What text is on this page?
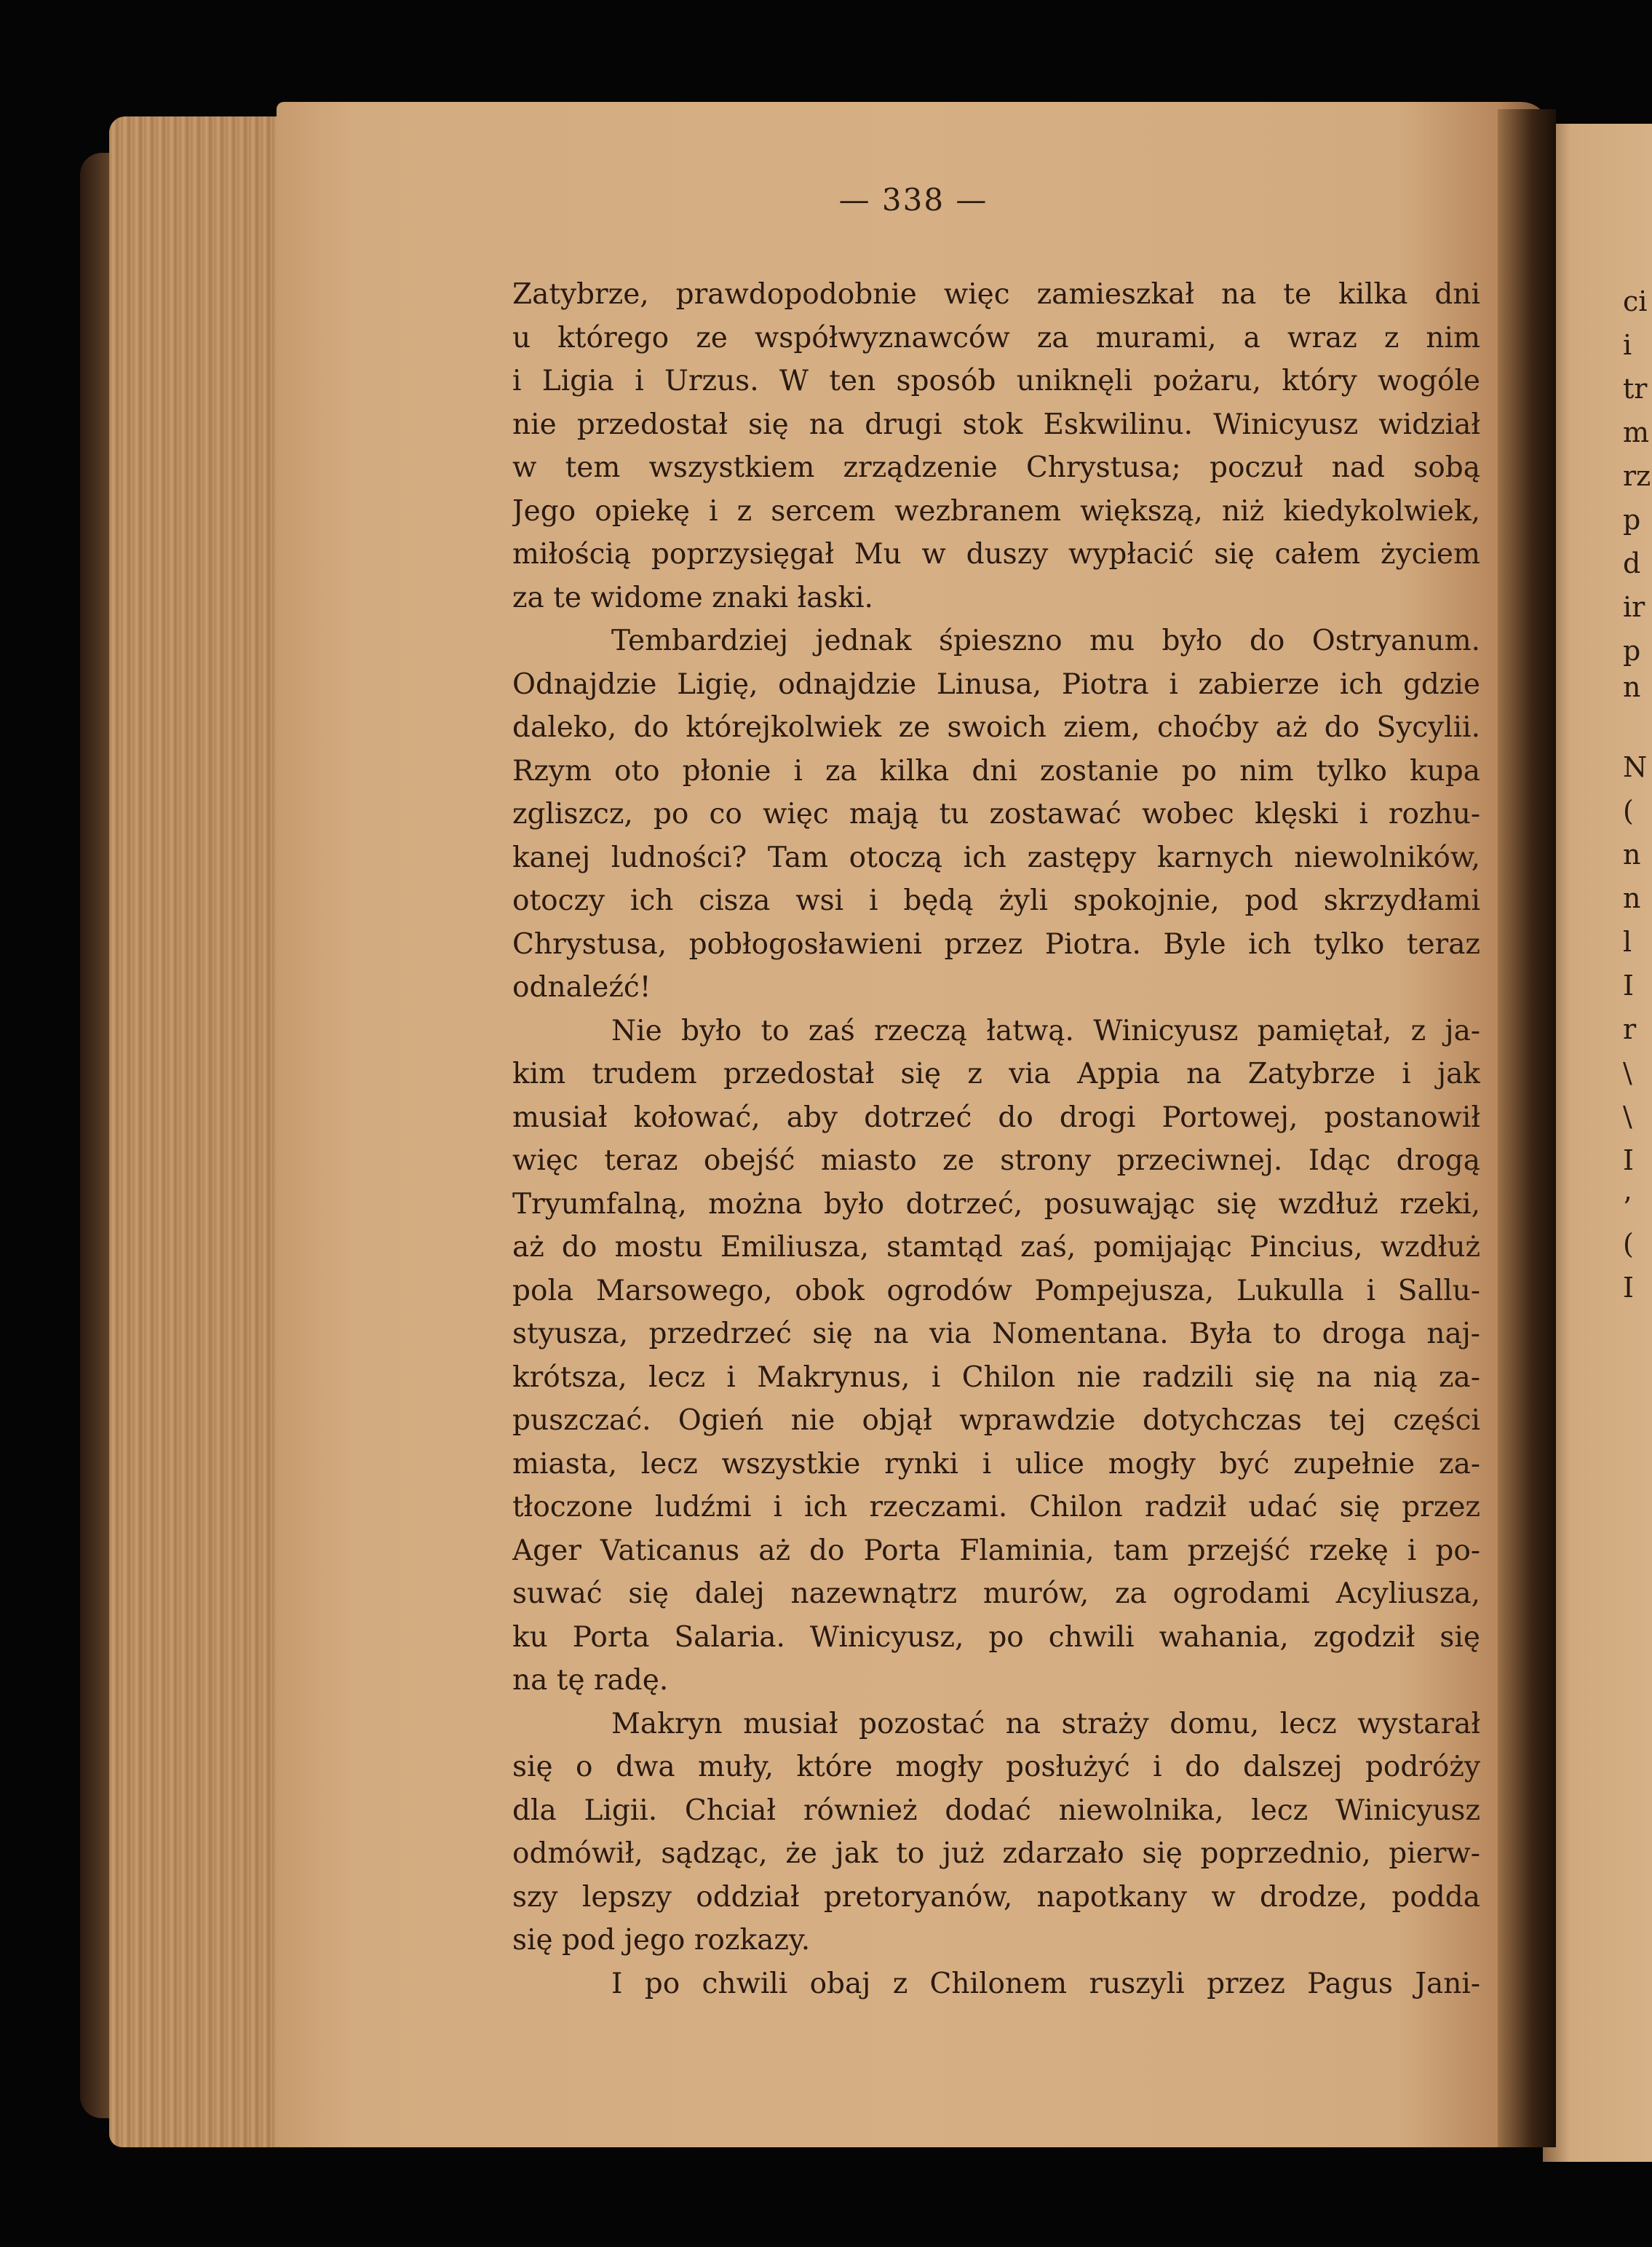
ci
i
tr
m
rz
p
d
ir
p
n
N
(
n
n
l
I
r
\
\
I
’
(
I
— 338 —
Zatybrze, prawdopodobnie więc zamieszkał na te kilka dni
u którego ze współwyznawców za murami, a wraz z nim
i Ligia i Urzus. W ten sposób uniknęli pożaru, który wogóle
nie przedostał się na drugi stok Eskwilinu. Winicyusz widział
w tem wszystkiem zrządzenie Chrystusa; poczuł nad sobą
Jego opiekę i z sercem wezbranem większą, niż kiedykolwiek,
miłością poprzysięgał Mu w duszy wypłacić się całem życiem
za te widome znaki łaski.
Tembardziej jednak śpieszno mu było do Ostryanum.
Odnajdzie Ligię, odnajdzie Linusa, Piotra i zabierze ich gdzie
daleko, do którejkolwiek ze swoich ziem, choćby aż do Sycylii.
Rzym oto płonie i za kilka dni zostanie po nim tylko kupa
zgliszcz, po co więc mają tu zostawać wobec klęski i rozhu-
kanej ludności? Tam otoczą ich zastępy karnych niewolników,
otoczy ich cisza wsi i będą żyli spokojnie, pod skrzydłami
Chrystusa, pobłogosławieni przez Piotra. Byle ich tylko teraz
odnaleźć!
Nie było to zaś rzeczą łatwą. Winicyusz pamiętał, z ja-
kim trudem przedostał się z via Appia na Zatybrze i jak
musiał kołować, aby dotrzeć do drogi Portowej, postanowił
więc teraz obejść miasto ze strony przeciwnej. Idąc drogą
Tryumfalną, można było dotrzeć, posuwając się wzdłuż rzeki,
aż do mostu Emiliusza, stamtąd zaś, pomijając Pincius, wzdłuż
pola Marsowego, obok ogrodów Pompejusza, Lukulla i Sallu-
styusza, przedrzeć się na via Nomentana. Była to droga naj-
krótsza, lecz i Makrynus, i Chilon nie radzili się na nią za-
puszczać. Ogień nie objął wprawdzie dotychczas tej części
miasta, lecz wszystkie rynki i ulice mogły być zupełnie za-
tłoczone ludźmi i ich rzeczami. Chilon radził udać się przez
Ager Vaticanus aż do Porta Flaminia, tam przejść rzekę i po-
suwać się dalej nazewnątrz murów, za ogrodami Acyliusza,
ku Porta Salaria. Winicyusz, po chwili wahania, zgodził się
na tę radę.
Makryn musiał pozostać na straży domu, lecz wystarał
się o dwa muły, które mogły posłużyć i do dalszej podróży
dla Ligii. Chciał również dodać niewolnika, lecz Winicyusz
odmówił, sądząc, że jak to już zdarzało się poprzednio, pierw-
szy lepszy oddział pretoryanów, napotkany w drodze, podda
się pod jego rozkazy.
I po chwili obaj z Chilonem ruszyli przez Pagus Jani-
